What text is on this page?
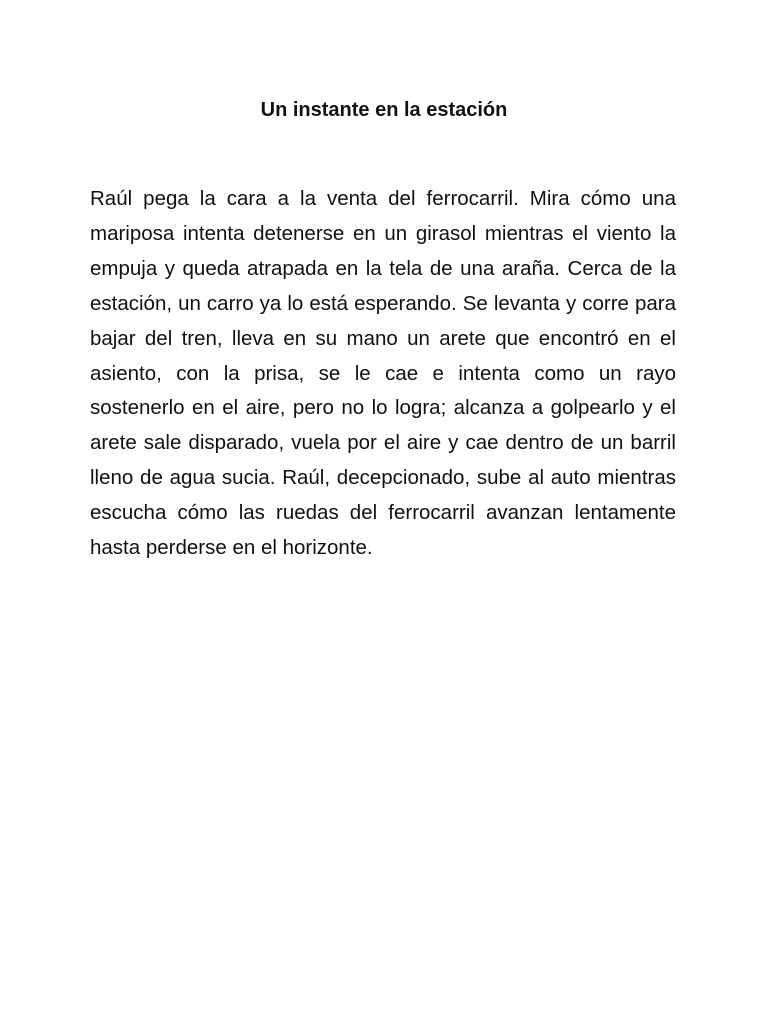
Un instante en la estación

Raúl pega la cara a la venta del ferrocarril. Mira cómo una mariposa intenta detenerse en un girasol mientras el viento la empuja y queda atrapada en la tela de una araña. Cerca de la estación, un carro ya lo está esperando. Se levanta y corre para bajar del tren, lleva en su mano un arete que encontró en el asiento, con la prisa, se le cae e intenta como un rayo sostenerlo en el aire, pero no lo logra; alcanza a golpearlo y el arete sale disparado, vuela por el aire y cae dentro de un barril lleno de agua sucia. Raúl, decepcionado, sube al auto mientras escucha cómo las ruedas del ferrocarril avanzan lentamente hasta perderse en el horizonte.
